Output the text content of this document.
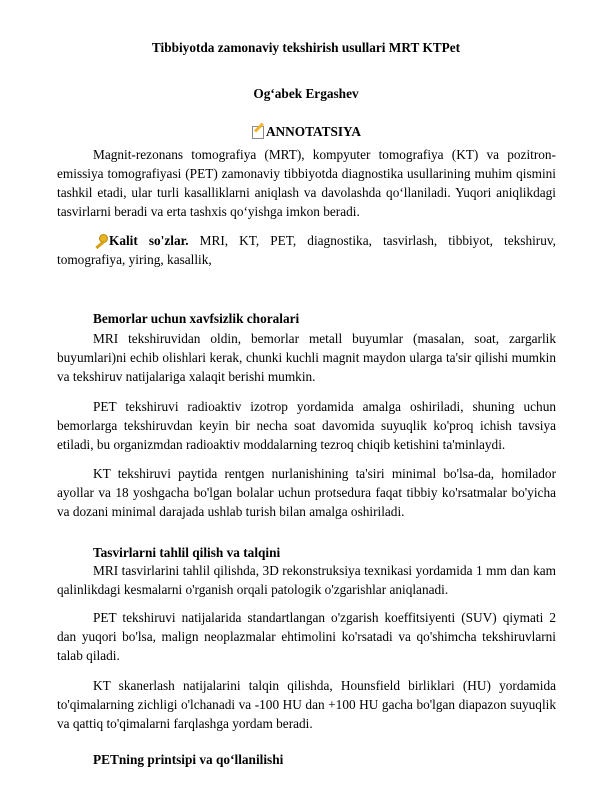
Tibbiyotda zamonaviy tekshirish usullari MRT KTPet
Og‘abek Ergashev
ANNOTATSIYA

Magnit-rezonans tomografiya (MRT), kompyuter tomografiya (KT) va pozitron-emissiya tomografiyasi (PET) zamonaviy tibbiyotda diagnostika usullarining muhim qismini tashkil etadi, ular turli kasalliklarni aniqlash va davolashda qo‘llaniladi. Yuqori aniqlikdagi tasvirlarni beradi va erta tashxis qo‘yishga imkon beradi.

Kalit so'zlar. MRI, KT, PET, diagnostika, tasvirlash, tibbiyot, tekshiruv, tomografiya, yiring, kasallik,

Bemorlar uchun xavfsizlik choralari

MRI tekshiruvidan oldin, bemorlar metall buyumlar (masalan, soat, zargarlik buyumlari)ni echib olishlari kerak, chunki kuchli magnit maydon ularga ta'sir qilishi mumkin va tekshiruv natijalariga xalaqit berishi mumkin.

PET tekshiruvi radioaktiv izotrop yordamida amalga oshiriladi, shuning uchun bemorlarga tekshiruvdan keyin bir necha soat davomida suyuqlik ko'proq ichish tavsiya etiladi, bu organizmdan radioaktiv moddalarning tezroq chiqib ketishini ta'minlaydi.

KT tekshiruvi paytida rentgen nurlanishining ta'siri minimal bo'lsa-da, homilador ayollar va 18 yoshgacha bo'lgan bolalar uchun protsedura faqat tibbiy ko'rsatmalar bo'yicha va dozani minimal darajada ushlab turish bilan amalga oshiriladi.

Tasvirlarni tahlil qilish va talqini

MRI tasvirlarini tahlil qilishda, 3D rekonstruksiya texnikasi yordamida 1 mm dan kam qalinlikdagi kesmalarni o'rganish orqali patologik o'zgarishlar aniqlanadi.

PET tekshiruvi natijalarida standartlangan o'zgarish koeffitsiyenti (SUV) qiymati 2 dan yuqori bo'lsa, malign neoplazmalar ehtimolini ko'rsatadi va qo'shimcha tekshiruvlarni talab qiladi.

KT skanerlash natijalarini talqin qilishda, Hounsfield birliklari (HU) yordamida to'qimalarning zichligi o'lchanadi va -100 HU dan +100 HU gacha bo'lgan diapazon suyuqlik va qattiq to'qimalarni farqlashga yordam beradi.

PETning printsipi va qo‘llanilishi
